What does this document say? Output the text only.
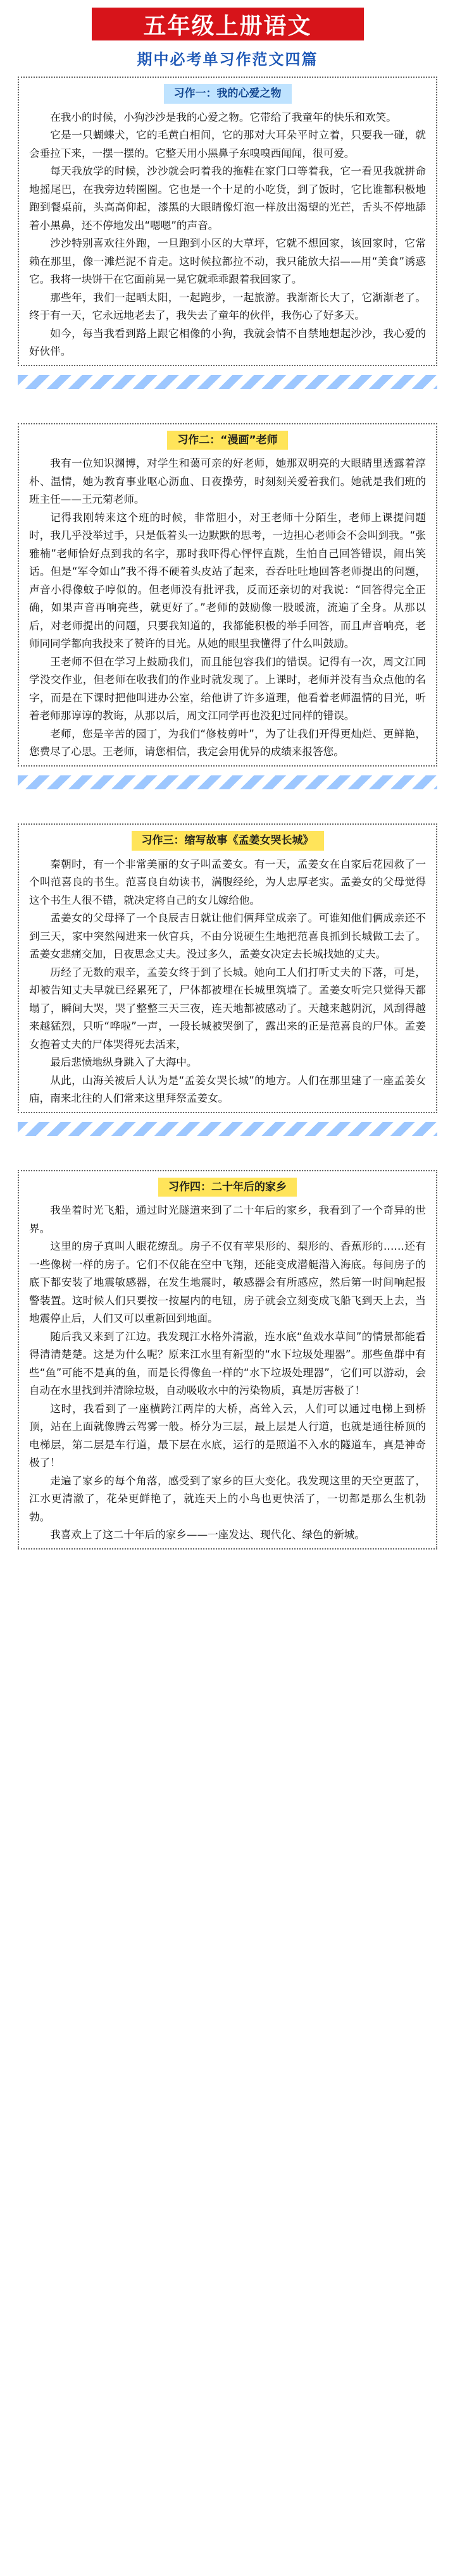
五年级上册语文
期中必考单习作范文四篇
习作一：我的心爱之物

在我小的时候，小狗沙沙是我的心爱之物。它带给了我童年的快乐和欢笑。

它是一只蝴蝶犬，它的毛黄白相间，它的那对大耳朵平时立着，只要我一碰，就会垂拉下来，一摆一摆的。它整天用小黑鼻子东嗅嗅西闻闻，很可爱。

每天我放学的时候，沙沙就会叼着我的拖鞋在家门口等着我，它一看见我就拼命地摇尾巴，在我旁边转圈圈。它也是一个十足的小吃货，到了饭时，它比谁都积极地跑到餐桌前，头高高仰起，漆黑的大眼睛像灯泡一样放出渴望的光芒，舌头不停地舔着小黑鼻，还不停地发出“嗯嗯”的声音。

沙沙特别喜欢往外跑，一旦跑到小区的大草坪，它就不想回家，该回家时，它常赖在那里，像一滩烂泥不肯走。这时候拉都拉不动，我只能放大招——用“美食”诱惑它。我将一块饼干在它面前晃一晃它就乖乖跟着我回家了。

那些年，我们一起晒太阳，一起跑步，一起旅游。我渐渐长大了，它渐渐老了。终于有一天，它永远地老去了，我失去了童年的伙伴，我伤心了好多天。

如今，每当我看到路上跟它相像的小狗，我就会情不自禁地想起沙沙，我心爱的好伙伴。

习作二：“漫画”老师

我有一位知识渊博，对学生和蔼可亲的好老师，她那双明亮的大眼睛里透露着淳朴、温情，她为教育事业呕心沥血、日夜操劳，时刻刻关爱着我们。她就是我们班的班主任——王元菊老师。

记得我刚转来这个班的时候，非常胆小，对王老师十分陌生，老师上课提问题时，我几乎没举过手，只是低着头一边默默的思考，一边担心老师会不会叫到我。“张雅楠”老师恰好点到我的名字，那时我吓得心怦怦直跳，生怕自己回答错误，闹出笑话。但是“军令如山”我不得不硬着头皮站了起来，吞吞吐吐地回答老师提出的问题，声音小得像蚊子哼似的。但老师没有批评我，反而还亲切的对我说：“回答得完全正确，如果声音再响亮些，就更好了。”老师的鼓励像一股暖流，流遍了全身。从那以后，对老师提出的问题，只要我知道的，我都能积极的举手回答，而且声音响亮，老师同同学都向我投来了赞许的目光。从她的眼里我懂得了什么叫鼓励。

王老师不但在学习上鼓励我们，而且能包容我们的错误。记得有一次，周文江同学没交作业，但老师在收我们的作业时就发现了。上课时，老师并没有当众点他的名字，而是在下课时把他叫进办公室，给他讲了许多道理，他看着老师温情的目光，听着老师那谆谆的教诲，从那以后，周文江同学再也没犯过同样的错误。

老师，您是辛苦的园丁，为我们“修枝剪叶”，为了让我们开得更灿烂、更鲜艳，您费尽了心思。王老师，请您相信，我定会用优异的成绩来报答您。

习作三：缩写故事《孟姜女哭长城》

秦朝时，有一个非常美丽的女子叫孟姜女。有一天，孟姜女在自家后花园救了一个叫范喜良的书生。范喜良自幼读书，满腹经纶，为人忠厚老实。孟姜女的父母觉得这个书生人很不错，就决定将自己的女儿嫁给他。

孟姜女的父母择了一个良辰吉日就让他们俩拜堂成亲了。可谁知他们俩成亲还不到三天，家中突然闯进来一伙官兵，不由分说硬生生地把范喜良抓到长城做工去了。孟姜女悲痛交加，日夜思念丈夫。没过多久，孟姜女决定去长城找她的丈夫。

历经了无数的艰辛，孟姜女终于到了长城。她向工人们打听丈夫的下落，可是，却被告知丈夫早就已经累死了，尸体都被埋在长城里筑墙了。孟姜女听完只觉得天都塌了，瞬间大哭，哭了整整三天三夜，连天地都被感动了。天越来越阴沉，风刮得越来越猛烈，只听“哗啦”一声，一段长城被哭倒了，露出来的正是范喜良的尸体。孟姜女抱着丈夫的尸体哭得死去活来，

最后悲愤地纵身跳入了大海中。

从此，山海关被后人认为是“孟姜女哭长城”的地方。人们在那里建了一座孟姜女庙，南来北往的人们常来这里拜祭孟姜女。

习作四：二十年后的家乡

我坐着时光飞船，通过时光隧道来到了二十年后的家乡，我看到了一个奇异的世界。

这里的房子真叫人眼花缭乱。房子不仅有苹果形的、梨形的、香蕉形的……还有一些像树一样的房子。它们不仅能在空中飞翔，还能变成潜艇潜入海底。每间房子的底下都安装了地震敏感器，在发生地震时，敏感器会有所感应，然后第一时间响起报警装置。这时候人们只要按一按屋内的电钮，房子就会立刻变成飞船飞到天上去，当地震停止后，人们又可以重新回到地面。

随后我又来到了江边。我发现江水格外清澈，连水底“鱼戏水草间”的情景都能看得清清楚楚。这是为什么呢？原来江水里有新型的“水下垃圾处理器”。那些鱼群中有些“鱼”可能不是真的鱼，而是长得像鱼一样的“水下垃圾处理器”，它们可以游动，会自动在水里找到并清除垃圾，自动吸收水中的污染物质，真是厉害极了！

这时，我看到了一座横跨江两岸的大桥，高耸入云，人们可以通过电梯上到桥顶，站在上面就像腾云驾雾一般。桥分为三层，最上层是人行道，也就是通往桥顶的电梯层，第二层是车行道，最下层在水底，运行的是照道不入水的隧道车，真是神奇极了！

走遍了家乡的每个角落，感受到了家乡的巨大变化。我发现这里的天空更蓝了，江水更清澈了，花朵更鲜艳了，就连天上的小鸟也更快活了，一切都是那么生机勃勃。

我喜欢上了这二十年后的家乡——一座发达、现代化、绿色的新城。
